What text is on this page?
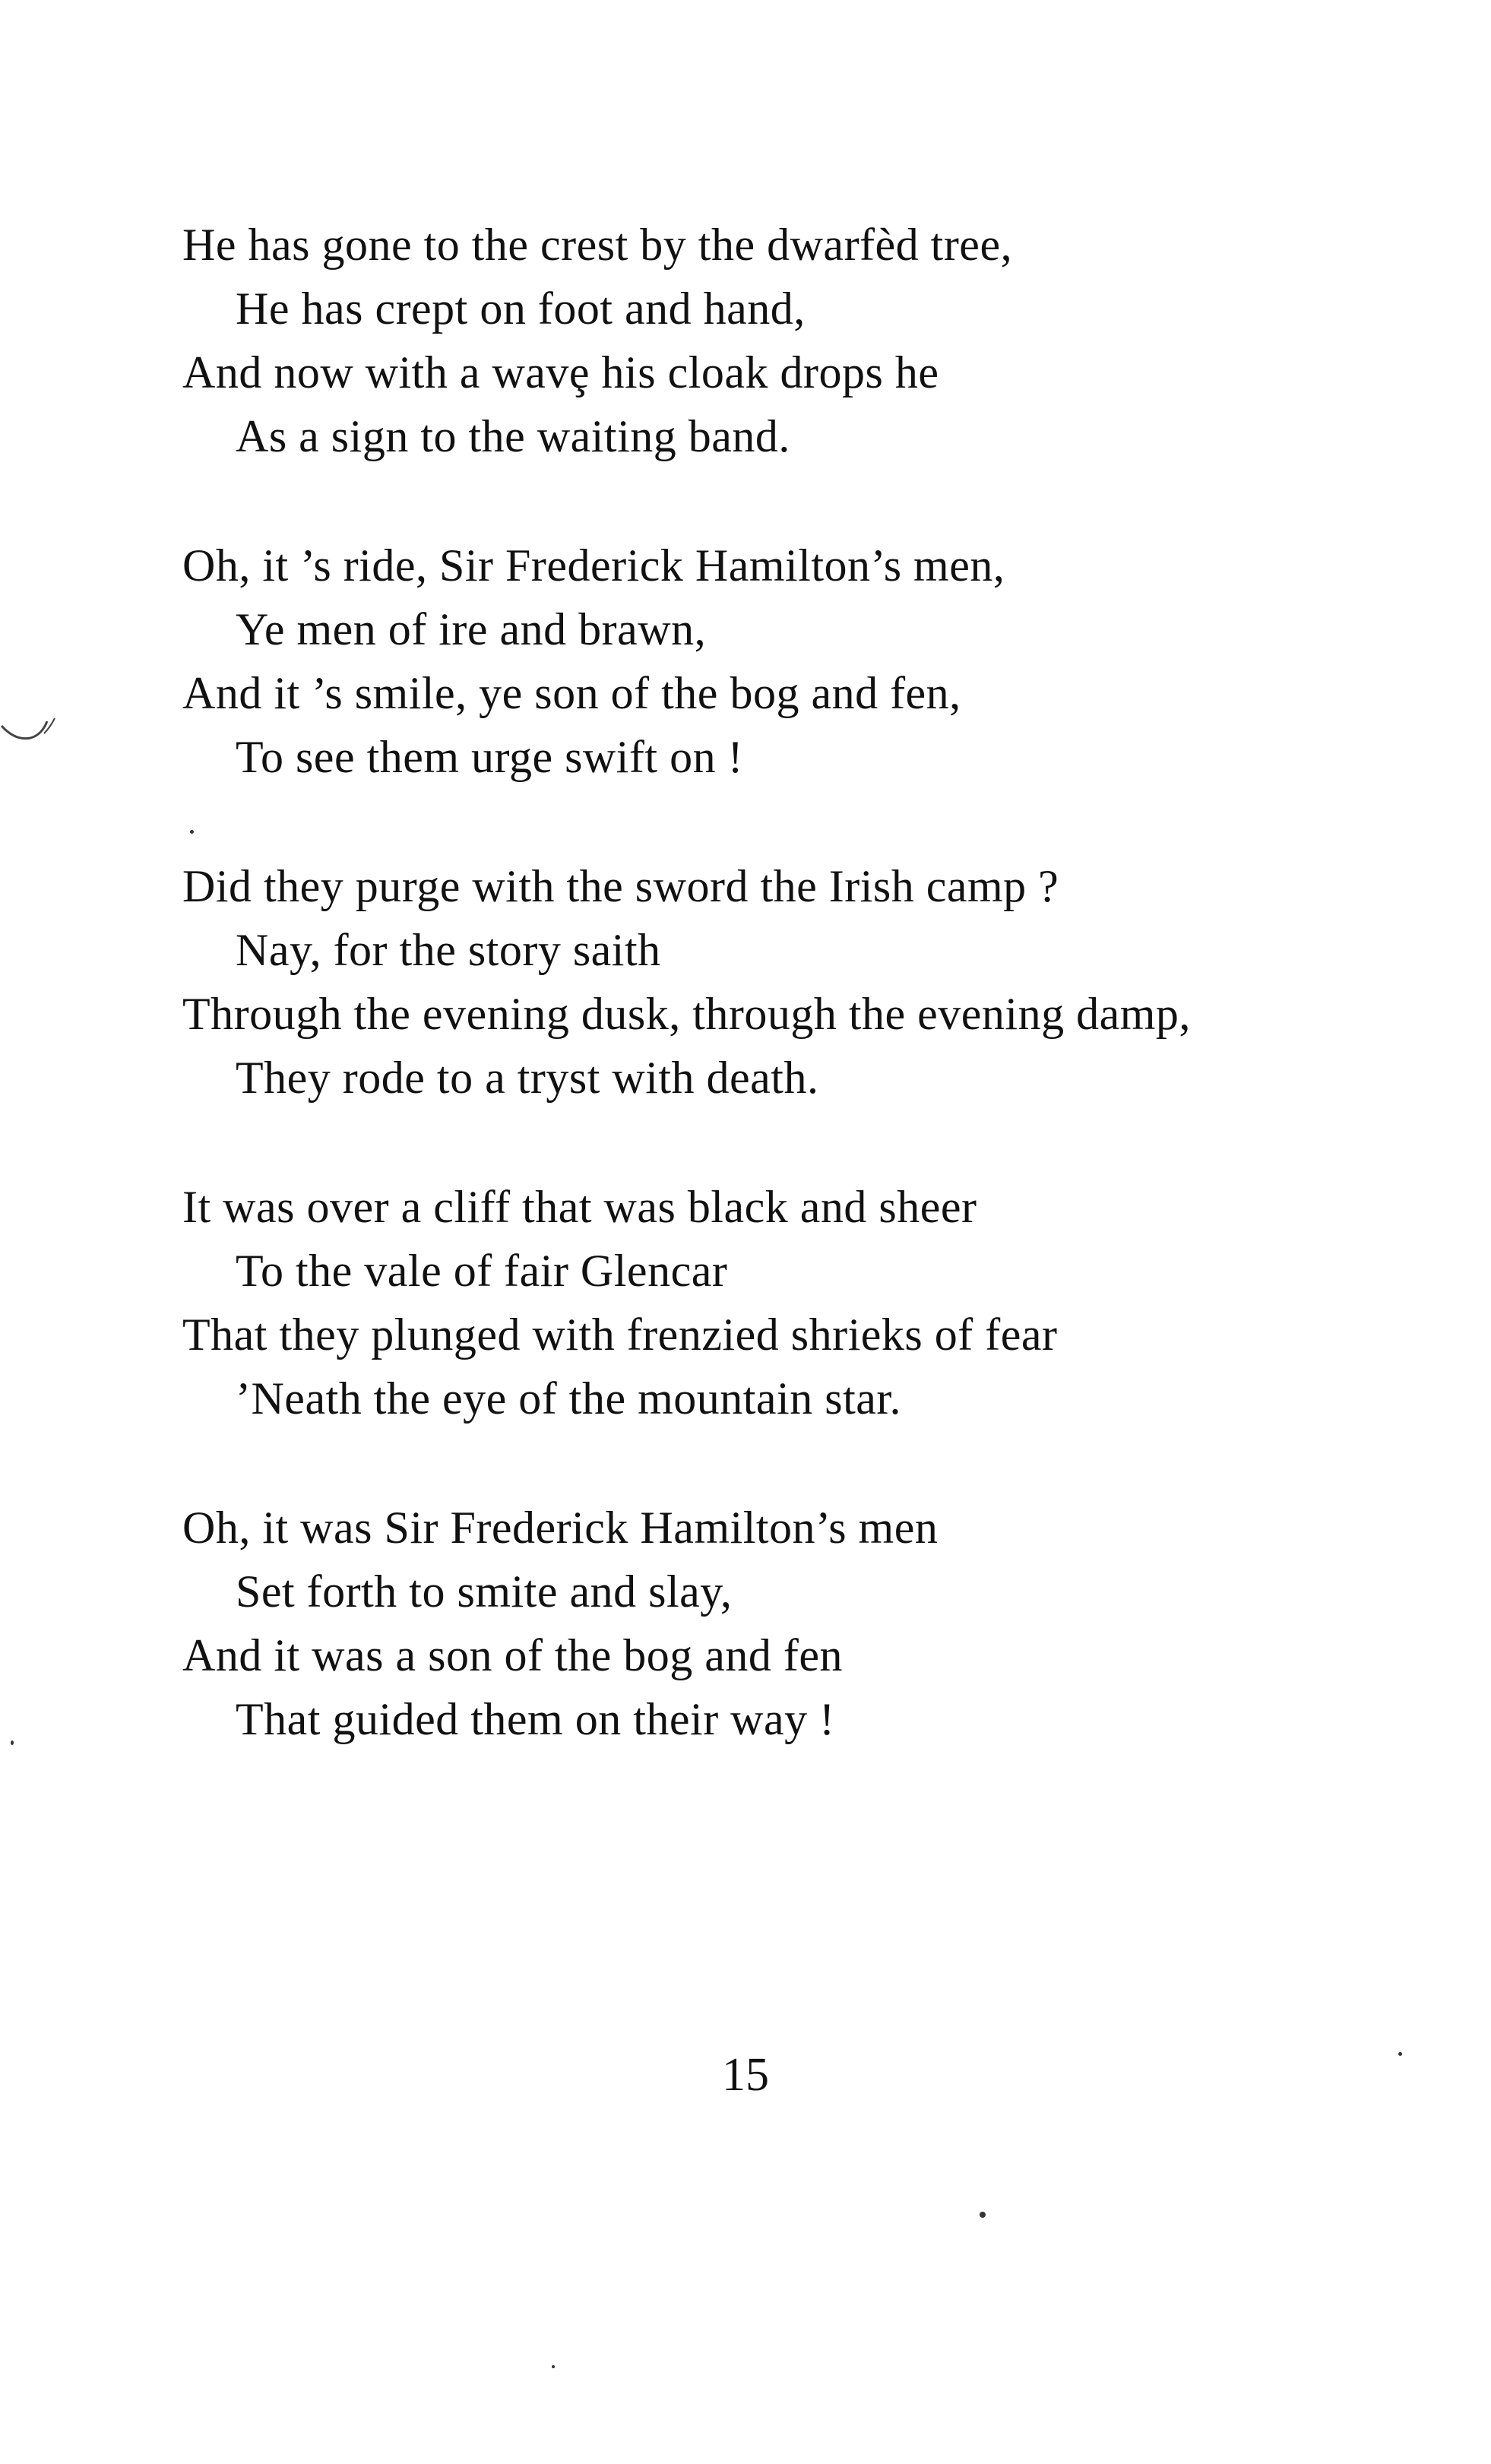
He has gone to the crest by the dwarfèd tree,
He has crept on foot and hand,
And now with a wavȩ his cloak drops he
As a sign to the waiting band.
Oh, it ’s ride, Sir Frederick Hamilton’s men,
Ye men of ire and brawn,
And it ’s smile, ye son of the bog and fen,
To see them urge swift on !
Did they purge with the sword the Irish camp ?
Nay, for the story saith
Through the evening dusk, through the evening damp,
They rode to a tryst with death.
It was over a cliff that was black and sheer
To the vale of fair Glencar
That they plunged with frenzied shrieks of fear
’Neath the eye of the mountain star.
Oh, it was Sir Frederick Hamilton’s men
Set forth to smite and slay,
And it was a son of the bog and fen
That guided them on their way !
15
